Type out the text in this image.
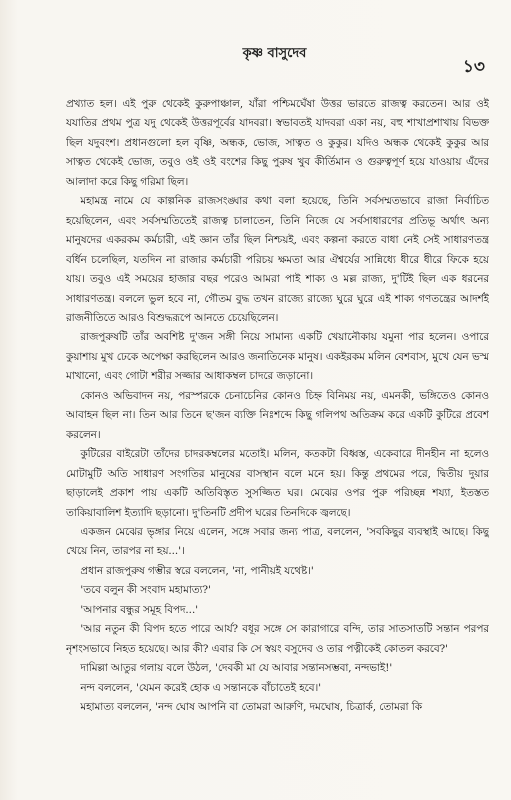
কৃষ্ণ বাসুদেব
১৩

প্রখ্যাত হল। এই পুরু থেকেই কুরুপাঞ্চাল, যাঁরা পশ্চিমঘেঁষা উত্তর ভারতে রাজত্ব করতেন। আর ওই যযাতির প্রথম পুত্র যদু থেকেই উত্তরপূর্বের যাদবরা। স্বভাবতই যাদবরা একা নয়, বহু শাখাপ্রশাখায় বিভক্ত ছিল যদুবংশ। প্রধানগুলো হল বৃষ্ণি, অন্ধক, ভোজ, সাত্বত ও কুকুর। যদিও অন্ধক থেকেই কুকুর আর সাত্বত থেকেই ভোজ, তবুও ওই ওই বংশের কিছু পুরুষ খুব কীর্তিমান ও গুরুত্বপূর্ণ হয়ে যাওয়ায় এঁদের আলাদা করে কিছু গরিমা ছিল।

মহামন্ত্র নামে যে কাল্পনিক রাজসংঙ্ঘার কথা বলা হয়েছে, তিনি সর্বসম্মতভাবে রাজা নির্বাচিত হয়েছিলেন, এবং সর্বসম্মতিতেই রাজত্ব চালাতেন, তিনি নিজে যে সর্বসাধারণের প্রতিভূ অর্থাৎ অন্য মানুষদের একরকম কর্মচারী, এই জ্ঞান তাঁর ছিল নিশ্চয়ই, এবং কল্পনা করতে বাধা নেই সেই সাধারণতন্ত্র বর্ধিন চলেছিল, যতদিন না রাজার কর্মচারী পরিচয় ক্ষমতা আর ঐশ্বর্যের সান্নিধ্যে ধীরে ধীরে ফিকে হয়ে যায়। তবুও এই সময়ের হাজার বছর পরেও আমরা পাই শাক্য ও মল্ল রাজ্য, দু'টিই ছিল এক ধরনের সাধারণতন্ত্র। বললে ভুল হবে না, গৌতম বুদ্ধ তখন রাজ্যে রাজ্যে ঘুরে ঘুরে এই শাক্য গণতন্ত্রের আদর্শই রাজনীতিতে আরও বিশুদ্ধরূপে আনতে চেয়েছিলেন।

রাজপুরুষটি তাঁর অবশিষ্ট দু'জন সঙ্গী নিয়ে সামান্য একটি খেয়ানৌকায় যমুনা পার হলেন। ওপারে কুয়াশায় মুখ ঢেকে অপেক্ষা করছিলেন আরও জনাতিনেক মানুষ। একইরকম মলিন বেশবাস, মুখে যেন ভস্ম মাখানো, এবং গোটা শরীর সজ্জার আধাকম্বল চাদরে জড়ানো।

কোনও অভিবাদন নয়, পরস্পরকে চেনাচেনির কোনও চিহ্ন বিনিময় নয়, এমনকী, ভঙ্গিতেও কোনও আবাহন ছিল না। তিন আর তিনে ছ'জন ব্যক্তি নিঃশব্দে কিছু গলিপথ অতিক্রম করে একটি কুটিরে প্রবেশ করলেন।

কুটিরের বাইরেটা তাঁদের চাদরকম্বলের মতোই। মলিন, কতকটা বিধ্বস্ত, একেবারে দীনহীন না হলেও মোটামুটি অতি সাধারণ সংগতির মানুষের বাসস্থান বলে মনে হয়। কিন্তু প্রথমের পরে, দ্বিতীয় দুয়ার ছাড়ালেই প্রকাশ পায় একটি অতিবিস্তৃত সুসজ্জিত ঘর। মেঝের ওপর পুরু পরিচ্ছন্ন শয্যা, ইতস্তত তাকিয়াবালিশ ইত্যাদি ছড়ানো। দু'তিনটি প্রদীপ ঘরের তিনদিকে জ্বলছে।

একজন মেঝের ভৃঙ্গার নিয়ে এলেন, সঙ্গে সবার জন্য পাত্র, বললেন, 'সবকিছুর ব্যবস্থাই আছে। কিছু খেয়ে নিন, তারপর না হয়...'।

প্রধান রাজপুরুষ গম্ভীর স্বরে বললেন, 'না, পানীয়ই যথেষ্ট।'

'তবে বলুন কী সংবাদ মহামাত্য?'

'আপনার বন্ধুর সমূহ বিপদ...'

'আর নতুন কী বিপদ হতে পারে আর্য? বধূর সঙ্গে সে কারাগারে বন্দি, তার সাতসাতটি সন্তান পরপর নৃশংসভাবে নিহত হয়েছে। আর কী? এবার কি সে স্বয়ং বসুদেব ও তার পত্নীকেই কোতল করবে?'

দামিল্লা আতুর গলায় বলে উঠল, 'দেবকী মা যে আবার সন্তানসম্ভবা, নন্দভাই!'

নন্দ বললেন, 'যেমন করেই হোক এ সন্তানকে বাঁচাতেই হবে।'

মহামাত্য বললেন, 'নন্দ ঘোষ আপনি বা তোমরা আরুণি, দমঘোষ, চিত্রার্ক, তোমরা কি
